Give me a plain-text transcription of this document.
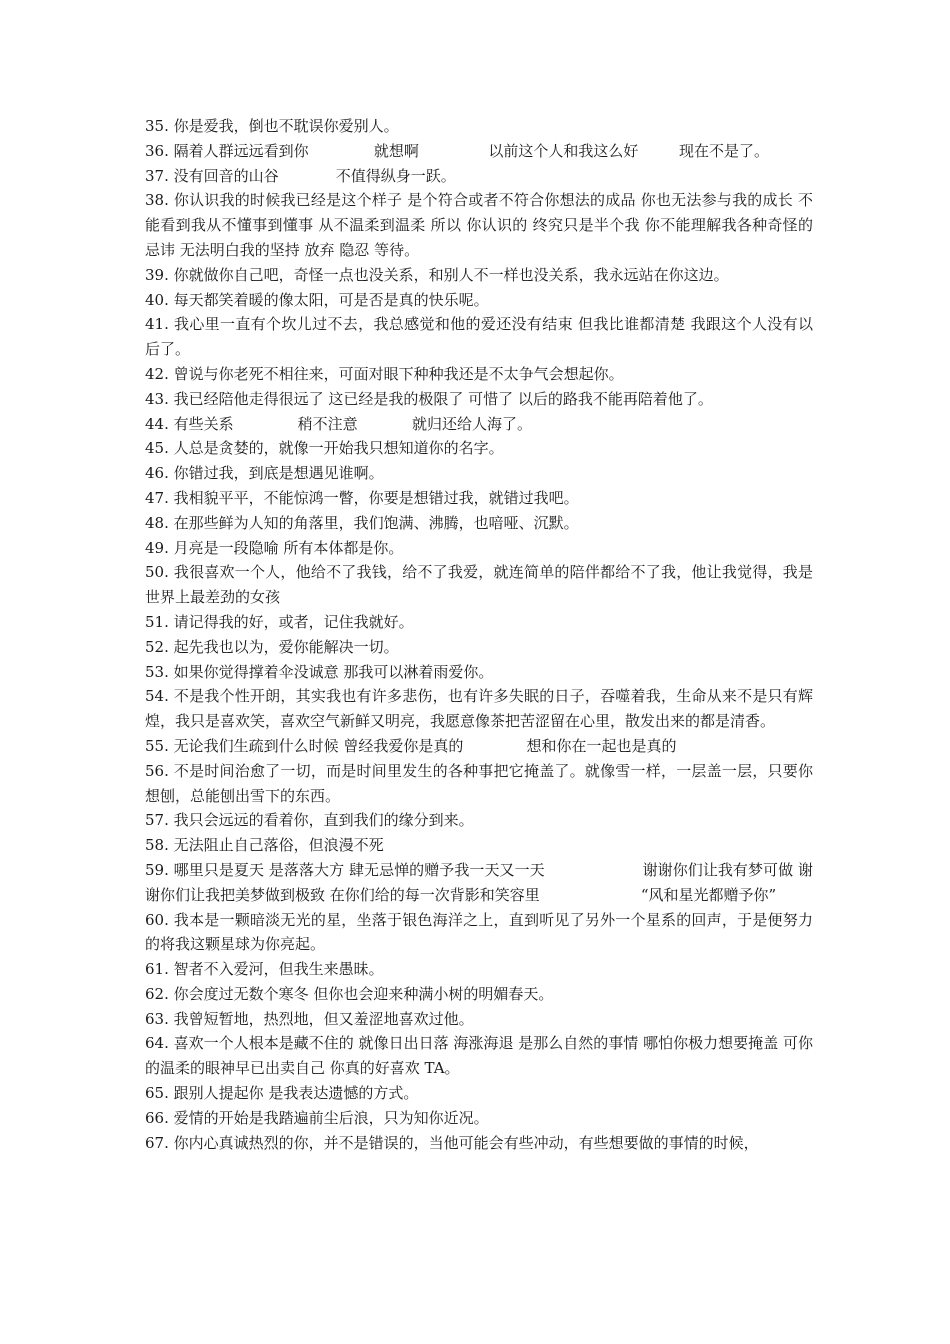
35. 你是爱我，倒也不耽误你爱别人。

36. 隔着人群远远看到你		就想啊		以前这个人和我这么好		现在不是了。

37. 没有回音的山谷		不值得纵身一跃。

38. 你认识我的时候我已经是这个样子 是个符合或者不符合你想法的成品 你也无法参与我的成长 不能看到我从不懂事到懂事 从不温柔到温柔 所以 你认识的 终究只是半个我 你不能理解我各种奇怪的忌讳 无法明白我的坚持 放弃 隐忍 等待。

39. 你就做你自己吧，奇怪一点也没关系，和别人不一样也没关系，我永远站在你这边。

40. 每天都笑着暖的像太阳，可是否是真的快乐呢。

41. 我心里一直有个坎儿过不去，我总感觉和他的爱还没有结束 但我比谁都清楚 我跟这个人没有以后了。

42. 曾说与你老死不相往来，可面对眼下种种我还是不太争气会想起你。

43. 我已经陪他走得很远了 这已经是我的极限了 可惜了 以后的路我不能再陪着他了。

44. 有些关系		稍不注意		就归还给人海了。

45. 人总是贪婪的，就像一开始我只想知道你的名字。

46. 你错过我，到底是想遇见谁啊。

47. 我相貌平平，不能惊鸿一瞥，你要是想错过我，就错过我吧。

48. 在那些鲜为人知的角落里，我们饱满、沸腾，也喑哑、沉默。

49. 月亮是一段隐喻 所有本体都是你。

50. 我很喜欢一个人，他给不了我钱，给不了我爱，就连简单的陪伴都给不了我，他让我觉得，我是世界上最差劲的女孩

51. 请记得我的好，或者，记住我就好。

52. 起先我也以为，爱你能解决一切。

53. 如果你觉得撑着伞没诚意 那我可以淋着雨爱你。

54. 不是我个性开朗，其实我也有许多悲伤，也有许多失眠的日子，吞噬着我，生命从来不是只有辉煌，我只是喜欢笑，喜欢空气新鲜又明亮，我愿意像茶把苦涩留在心里，散发出来的都是清香。

55. 无论我们生疏到什么时候 曾经我爱你是真的		想和你在一起也是真的

56. 不是时间治愈了一切，而是时间里发生的各种事把它掩盖了。就像雪一样，一层盖一层，只要你想刨，总能刨出雪下的东西。

57. 我只会远远的看着你，直到我们的缘分到来。

58. 无法阻止自己落俗，但浪漫不死

59. 哪里只是夏天 是落落大方 肆无忌惮的赠予我一天又一天			谢谢你们让我有梦可做 谢谢你们让我把美梦做到极致 在你们给的每一次背影和笑容里			“风和星光都赠予你”

60. 我本是一颗暗淡无光的星，坐落于银色海洋之上，直到听见了另外一个星系的回声，于是便努力的将我这颗星球为你亮起。

61. 智者不入爱河，但我生来愚昧。

62. 你会度过无数个寒冬 但你也会迎来种满小树的明媚春天。

63. 我曾短暂地，热烈地，但又羞涩地喜欢过他。

64. 喜欢一个人根本是藏不住的 就像日出日落 海涨海退 是那么自然的事情 哪怕你极力想要掩盖 可你的温柔的眼神早已出卖自己 你真的好喜欢 TA。

65. 跟别人提起你 是我表达遗憾的方式。

66. 爱情的开始是我踏遍前尘后浪，只为知你近况。

67. 你内心真诚热烈的你，并不是错误的，当他可能会有些冲动，有些想要做的事情的时候，
